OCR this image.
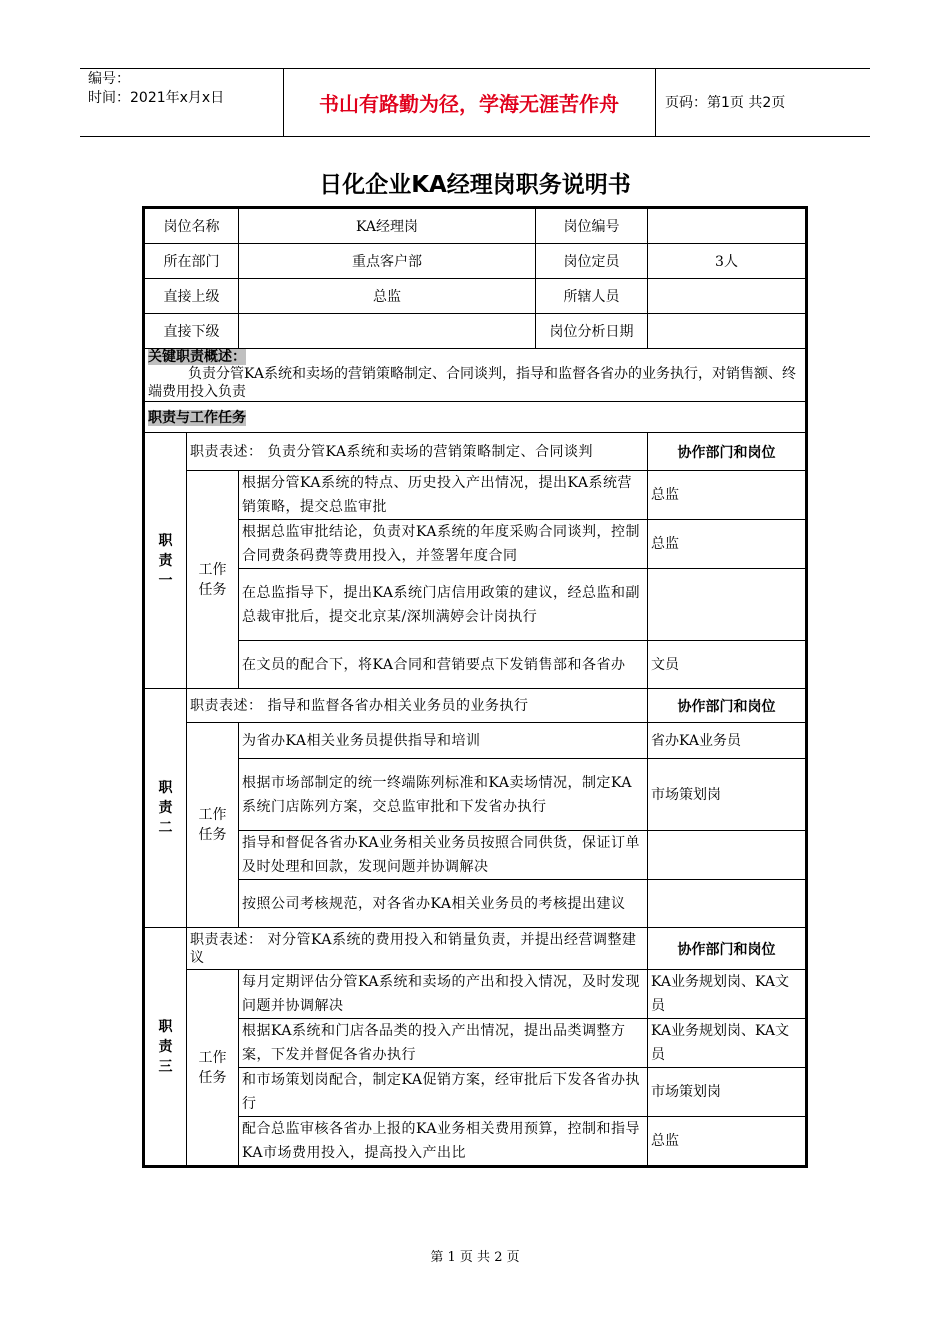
编号：
时间：2021年x月x日	书山有路勤为径，学海无涯苦作舟	页码：第1页 共2页
日化企业KA经理岗职务说明书
岗位名称		KA经理岗	岗位编号	
所在部门		重点客户部	岗位定员	3人
直接上级		总监	所辖人员	
直接下级			岗位分析日期	
关键职责概述：				
负责分管KA系统和卖场的营销策略制定、合同谈判，指导和监督各省办的业务执行，对销售额、终端费用投入负责				
职责与工作任务				

职责一	职责表述： 负责分管KA系统和卖场的营销策略制定、合同谈判			协作部门和岗位

	工作任务	根据分管KA系统的特点、历史投入产出情况，提出KA系统营销策略，提交总监审批		总监
		根据总监审批结论，负责对KA系统的年度采购合同谈判，控制合同费条码费等费用投入，并签署年度合同		总监
		在总监指导下，提出KA系统门店信用政策的建议，经总监和副总裁审批后，提交北京某/深圳满婷会计岗执行		
		在文员的配合下，将KA合同和营销要点下发销售部和各省办		文员

职责二	职责表述： 指导和监督各省办相关业务员的业务执行			协作部门和岗位

	工作任务	为省办KA相关业务员提供指导和培训		省办KA业务员
		根据市场部制定的统一终端陈列标准和KA卖场情况，制定KA系统门店陈列方案，交总监审批和下发省办执行		市场策划岗
		指导和督促各省办KA业务相关业务员按照合同供货，保证订单及时处理和回款，发现问题并协调解决		
		按照公司考核规范，对各省办KA相关业务员的考核提出建议		

职责三	职责表述： 对分管KA系统的费用投入和销量负责，并提出经营调整建议			协作部门和岗位

	工作任务	每月定期评估分管KA系统和卖场的产出和投入情况，及时发现问题并协调解决		KA业务规划岗、KA文员
		根据KA系统和门店各品类的投入产出情况，提出品类调整方案，下发并督促各省办执行		KA业务规划岗、KA文员
		和市场策划岗配合，制定KA促销方案，经审批后下发各省办执行		市场策划岗
		配合总监审核各省办上报的KA业务相关费用预算，控制和指导KA市场费用投入，提高投入产出比		总监
第 1 页 共 2 页
